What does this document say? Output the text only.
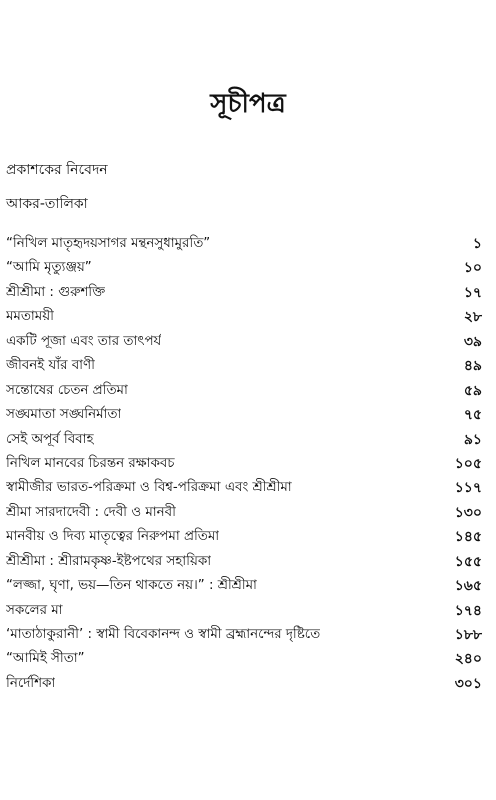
সূচীপত্র
প্রকাশকের নিবেদন
আকর-তালিকা
“নিখিল মাতৃহৃদয়সাগর মন্থনসুধামুরতি”	১
“আমি মৃত্যুঞ্জয়”	১০
শ্রীশ্রীমা : গুরুশক্তি	১৭
মমতাময়ী	২৮
একটি পূজা এবং তার তাৎপর্য	৩৯
জীবনই যাঁর বাণী	৪৯
সন্তোষের চেতন প্রতিমা	৫৯
সঙ্ঘমাতা সঙ্ঘনির্মাতা	৭৫
সেই অপূর্ব বিবাহ	৯১
নিখিল মানবের চিরন্তন রক্ষাকবচ	১০৫
স্বামীজীর ভারত-পরিক্রমা ও বিশ্ব-পরিক্রমা এবং শ্রীশ্রীমা	১১৭
শ্রীমা সারদাদেবী : দেবী ও মানবী	১৩০
মানবীয় ও দিব্য মাতৃত্বের নিরুপমা প্রতিমা	১৪৫
শ্রীশ্রীমা : শ্রীরামকৃষ্ণ-ইষ্টপথের সহায়িকা	১৫৫
“লজ্জা, ঘৃণা, ভয়—তিন থাকতে নয়।” : শ্রীশ্রীমা	১৬৫
সকলের মা	১৭৪
‘মাতাঠাকুরানী’ : স্বামী বিবেকানন্দ ও স্বামী ব্রহ্মানন্দের দৃষ্টিতে	১৮৮
“আমিই সীতা”	২৪০
নির্দেশিকা	৩০১
